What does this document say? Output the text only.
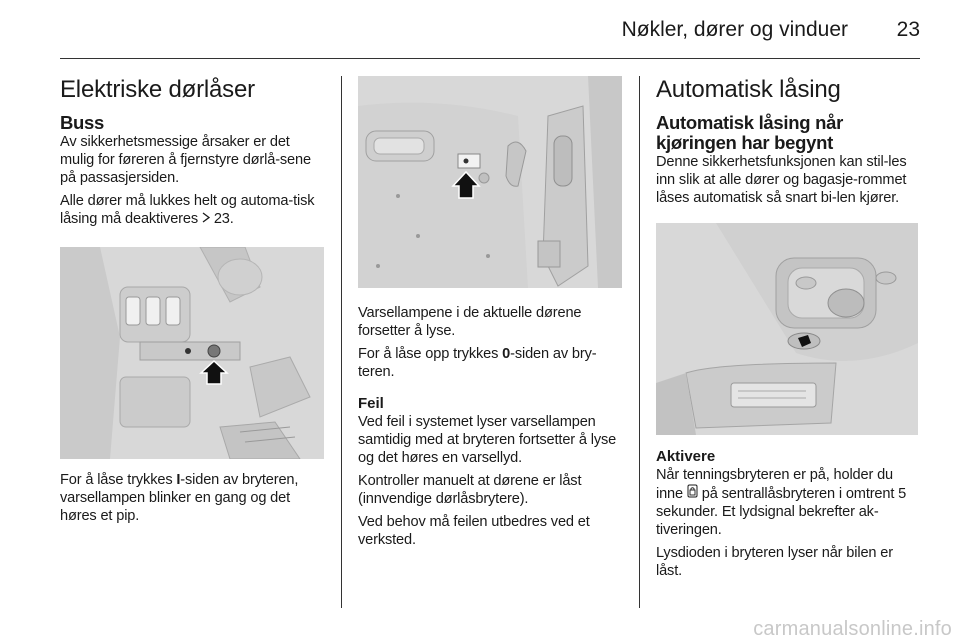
Nøkler, dører og vinduer 23
Elektriske dørlåser
Buss

Av sikkerhetsmessige årsaker er det mulig for føreren å fjernstyre dørlå-sene på passasjersiden.

Alle dører må lukkes helt og automa-tisk låsing må deaktiveres 23.

For å låse trykkes I-siden av bryteren, varsellampen blinker en gang og det høres et pip.

Varsellampene i de aktuelle dørene forsetter å lyse.

For å låse opp trykkes 0-siden av bry-teren.

Feil

Ved feil i systemet lyser varsellampen samtidig med at bryteren fortsetter å lyse og det høres en varsellyd.

Kontroller manuelt at dørene er låst (innvendige dørlåsbrytere).

Ved behov må feilen utbedres ved et verksted.

Automatisk låsing
Automatisk låsing når kjøringen har begynt

Denne sikkerhetsfunksjonen kan stil-les inn slik at alle dører og bagasje-rommet låses automatisk så snart bi-len kjører.

Aktivere

Når tenningsbryteren er på, holder du inne  på sentrallåsbryteren i omtrent 5 sekunder. Et lydsignal bekrefter ak-tiveringen.

Lysdioden i bryteren lyser når bilen er låst.

carmanualsonline.info
